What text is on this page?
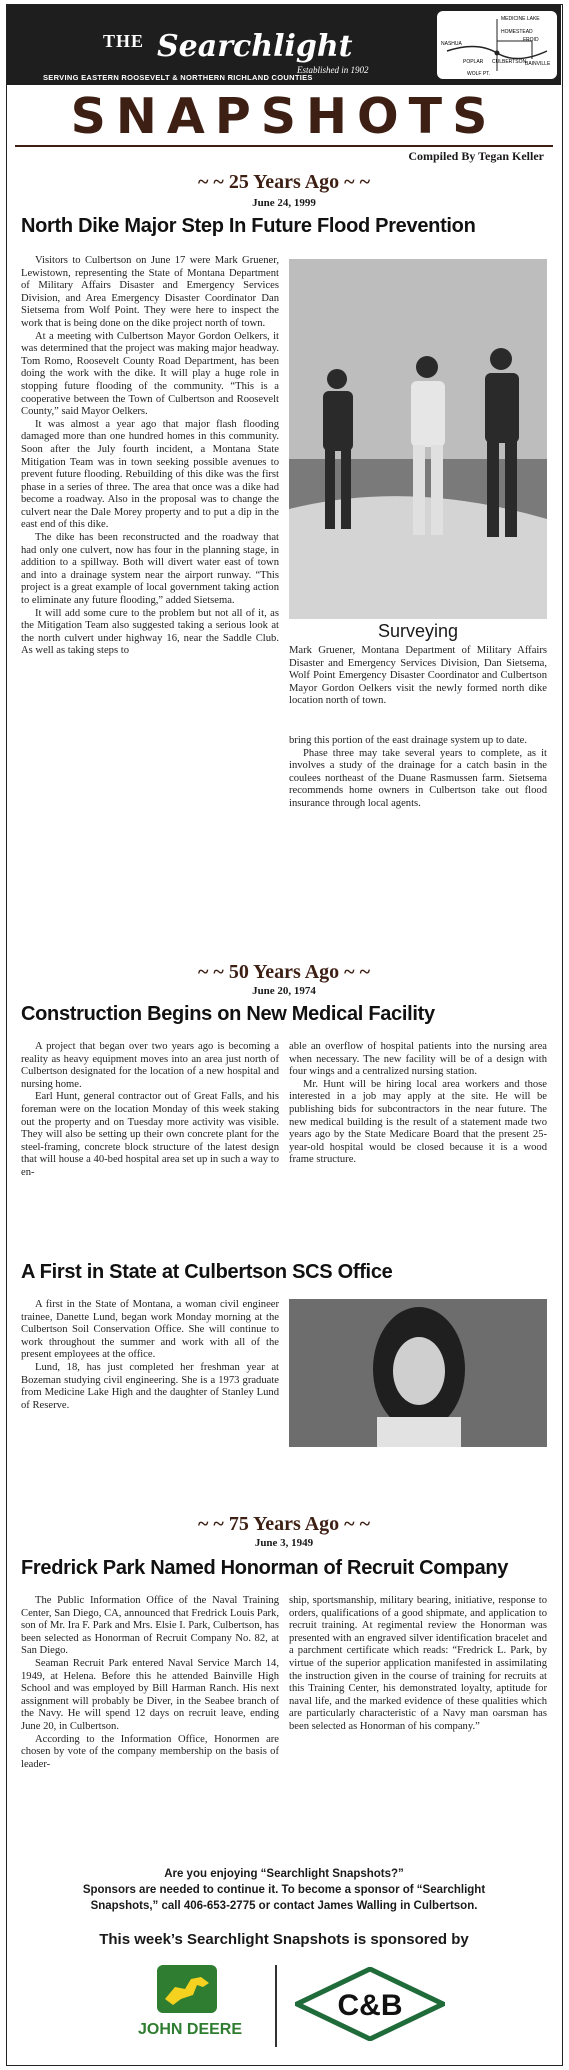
THE Searchlight
Established in 1902
SERVING EASTERN ROOSEVELT & NORTHERN RICHLAND COUNTIES
MEDICINE LAKE
HOMESTEAD
FROID
BAINVILLE
CULBERTSON
POPLAR
NASHUA
WOLF PT.
SNAPSHOTS
Compiled By Tegan Keller
~ ~ 25 Years Ago ~ ~
June 24, 1999
North Dike Major Step In Future Flood Prevention

Visitors to Culbertson on June 17 were Mark Gruener, Lewistown, representing the State of Montana Department of Military Affairs Disaster and Emergency Services Division, and Area Emergency Disaster Coordinator Dan Sietsema from Wolf Point. They were here to inspect the work that is being done on the dike project north of town.

At a meeting with Culbertson Mayor Gordon Oelkers, it was determined that the project was making major headway. Tom Romo, Roosevelt County Road Department, has been doing the work with the dike. It will play a huge role in stopping future flooding of the community. “This is a cooperative between the Town of Culbertson and Roosevelt County,” said Mayor Oelkers.

It was almost a year ago that major flash flooding damaged more than one hundred homes in this community. Soon after the July fourth incident, a Montana State Mitigation Team was in town seeking possible avenues to prevent future flooding. Rebuilding of this dike was the first phase in a series of three. The area that once was a dike had become a roadway. Also in the proposal was to change the culvert near the Dale Morey property and to put a dip in the east end of this dike.

The dike has been reconstructed and the roadway that had only one culvert, now has four in the planning stage, in addition to a spillway. Both will divert water east of town and into a drainage system near the airport runway. “This project is a great example of local government taking action to eliminate any future flooding,” added Sietsema.

It will add some cure to the problem but not all of it, as the Mitigation Team also suggested taking a serious look at the north culvert under highway 16, near the Saddle Club. As well as taking steps to

Surveying

Mark Gruener, Montana Department of Military Affairs Disaster and Emergency Services Division, Dan Sietsema, Wolf Point Emergency Disaster Coordinator and Culbertson Mayor Gordon Oelkers visit the newly formed north dike location north of town.

bring this portion of the east drainage system up to date.

Phase three may take several years to complete, as it involves a study of the drainage for a catch basin in the coulees northeast of the Duane Rasmussen farm. Sietsema recommends home owners in Culbertson take out flood insurance through local agents.

~ ~ 50 Years Ago ~ ~
June 20, 1974
Construction Begins on New Medical Facility

A project that began over two years ago is becoming a reality as heavy equipment moves into an area just north of Culbertson designated for the location of a new hospital and nursing home.

Earl Hunt, general contractor out of Great Falls, and his foreman were on the location Monday of this week staking out the property and on Tuesday more activity was visible. They will also be setting up their own concrete plant for the steel-framing, concrete block structure of the latest design that will house a 40-bed hospital area set up in such a way to en-

able an overflow of hospital patients into the nursing area when necessary. The new facility will be of a design with four wings and a centralized nursing station.

Mr. Hunt will be hiring local area workers and those interested in a job may apply at the site. He will be publishing bids for subcontractors in the near future. The new medical building is the result of a statement made two years ago by the State Medicare Board that the present 25-year-old hospital would be closed because it is a wood frame structure.

A First in State at Culbertson SCS Office

A first in the State of Montana, a woman civil engineer trainee, Danette Lund, began work Monday morning at the Culbertson Soil Conservation Office. She will continue to work throughout the summer and work with all of the present employees at the office.

Lund, 18, has just completed her freshman year at Bozeman studying civil engineering. She is a 1973 graduate from Medicine Lake High and the daughter of Stanley Lund of Reserve.

~ ~ 75 Years Ago ~ ~
June 3, 1949
Fredrick Park Named Honorman of Recruit Company

The Public Information Office of the Naval Training Center, San Diego, CA, announced that Fredrick Louis Park, son of Mr. Ira F. Park and Mrs. Elsie I. Park, Culbertson, has been selected as Honorman of Recruit Company No. 82, at San Diego.

Seaman Recruit Park entered Naval Service March 14, 1949, at Helena. Before this he attended Bainville High School and was employed by Bill Harman Ranch. His next assignment will probably be Diver, in the Seabee branch of the Navy. He will spend 12 days on recruit leave, ending June 20, in Culbertson.

According to the Information Office, Honormen are chosen by vote of the company membership on the basis of leader-

ship, sportsmanship, military bearing, initiative, response to orders, qualifications of a good shipmate, and application to recruit training. At regimental review the Honorman was presented with an engraved silver identification bracelet and a parchment certificate which reads: “Fredrick L. Park, by virtue of the superior application manifested in assimilating the instruction given in the course of training for recruits at this Training Center, his demonstrated loyalty, aptitude for naval life, and the marked evidence of these qualities which are particularly characteristic of a Navy man oarsman has been selected as Honorman of his company.”

Are you enjoying “Searchlight Snapshots?”
Sponsors are needed to continue it. To become a sponsor of “Searchlight
Snapshots,” call 406-653-2775 or contact James Walling in Culbertson.
This week’s Searchlight Snapshots is sponsored by
JOHN DEERE
C&B
